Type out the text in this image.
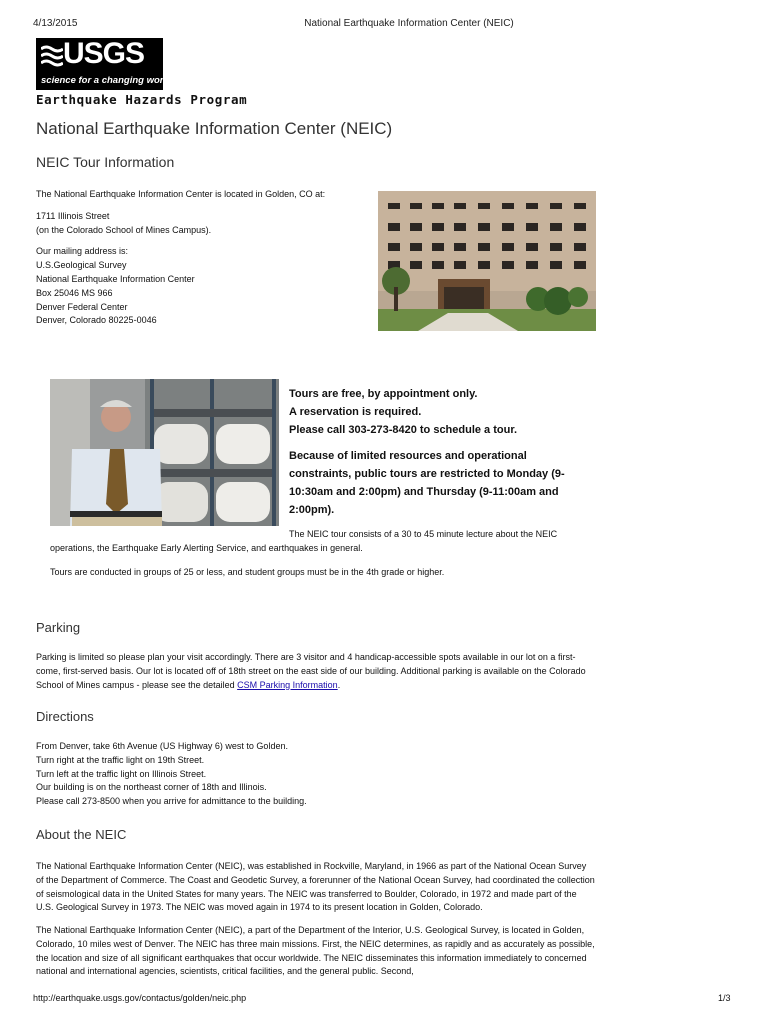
4/13/2015	National Earthquake Information Center (NEIC)
USGS
science for a changing world
Earthquake Hazards Program
National Earthquake Information Center (NEIC)
NEIC Tour Information
The National Earthquake Information Center is located in Golden, CO at:
1711 Illinois Street
(on the Colorado School of Mines Campus).
Our mailing address is:
U.S.Geological Survey
National Earthquake Information Center
Box 25046 MS 966
Denver Federal Center
Denver, Colorado 80225-0046
Tours are free, by appointment only.
A reservation is required.
Please call 303-273-8420 to schedule a tour.
Because of limited resources and operational constraints, public tours are restricted to Monday (9-10:30am and 2:00pm) and Thursday (9-11:00am and 2:00pm).
The NEIC tour consists of a 30 to 45 minute lecture about the NEIC operations, the Earthquake Early Alerting Service, and earthquakes in general.
Tours are conducted in groups of 25 or less, and student groups must be in the 4th grade or higher.
Parking
Parking is limited so please plan your visit accordingly. There are 3 visitor and 4 handicap-accessible spots available in our lot on a first-come, first-served basis. Our lot is located off of 18th street on the east side of our building. Additional parking is available on the Colorado School of Mines campus - please see the detailed CSM Parking Information.
Directions
From Denver, take 6th Avenue (US Highway 6) west to Golden.
Turn right at the traffic light on 19th Street.
Turn left at the traffic light on Illinois Street.
Our building is on the northeast corner of 18th and Illinois.
Please call 273-8500 when you arrive for admittance to the building.
About the NEIC
The National Earthquake Information Center (NEIC), was established in Rockville, Maryland, in 1966 as part of the National Ocean Survey of the Department of Commerce. The Coast and Geodetic Survey, a forerunner of the National Ocean Survey, had coordinated the collection of seismological data in the United States for many years. The NEIC was transferred to Boulder, Colorado, in 1972 and made part of the U.S. Geological Survey in 1973. The NEIC was moved again in 1974 to its present location in Golden, Colorado.
The National Earthquake Information Center (NEIC), a part of the Department of the Interior, U.S. Geological Survey, is located in Golden, Colorado, 10 miles west of Denver. The NEIC has three main missions. First, the NEIC determines, as rapidly and as accurately as possible, the location and size of all significant earthquakes that occur worldwide. The NEIC disseminates this information immediately to concerned national and international agencies, scientists, critical facilities, and the general public. Second,
http://earthquake.usgs.gov/contactus/golden/neic.php	1/3
